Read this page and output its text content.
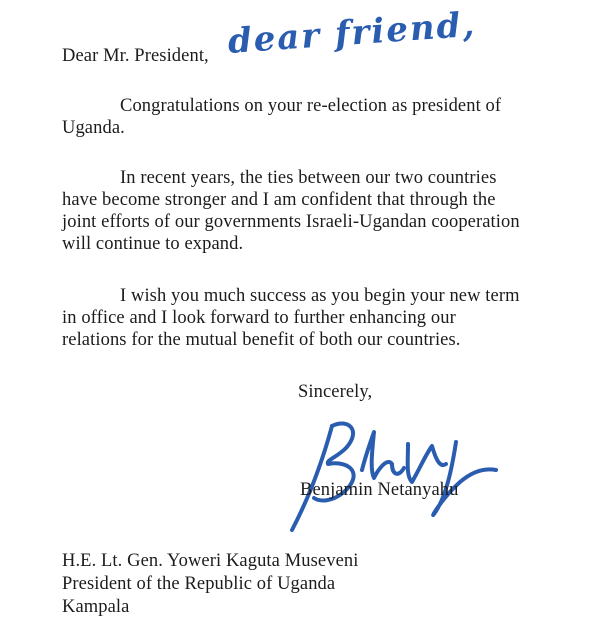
Dear Mr. President, dear friend,
Congratulations on your re-election as president of
Uganda.
In recent years, the ties between our two countries
have become stronger and I am confident that through the
joint efforts of our governments Israeli-Ugandan cooperation
will continue to expand.
I wish you much success as you begin your new term
in office and I look forward to further enhancing our
relations for the mutual benefit of both our countries.
Sincerely,
Benjamin Netanyahu
H.E. Lt. Gen. Yoweri Kaguta Museveni
President of the Republic of Uganda
Kampala
